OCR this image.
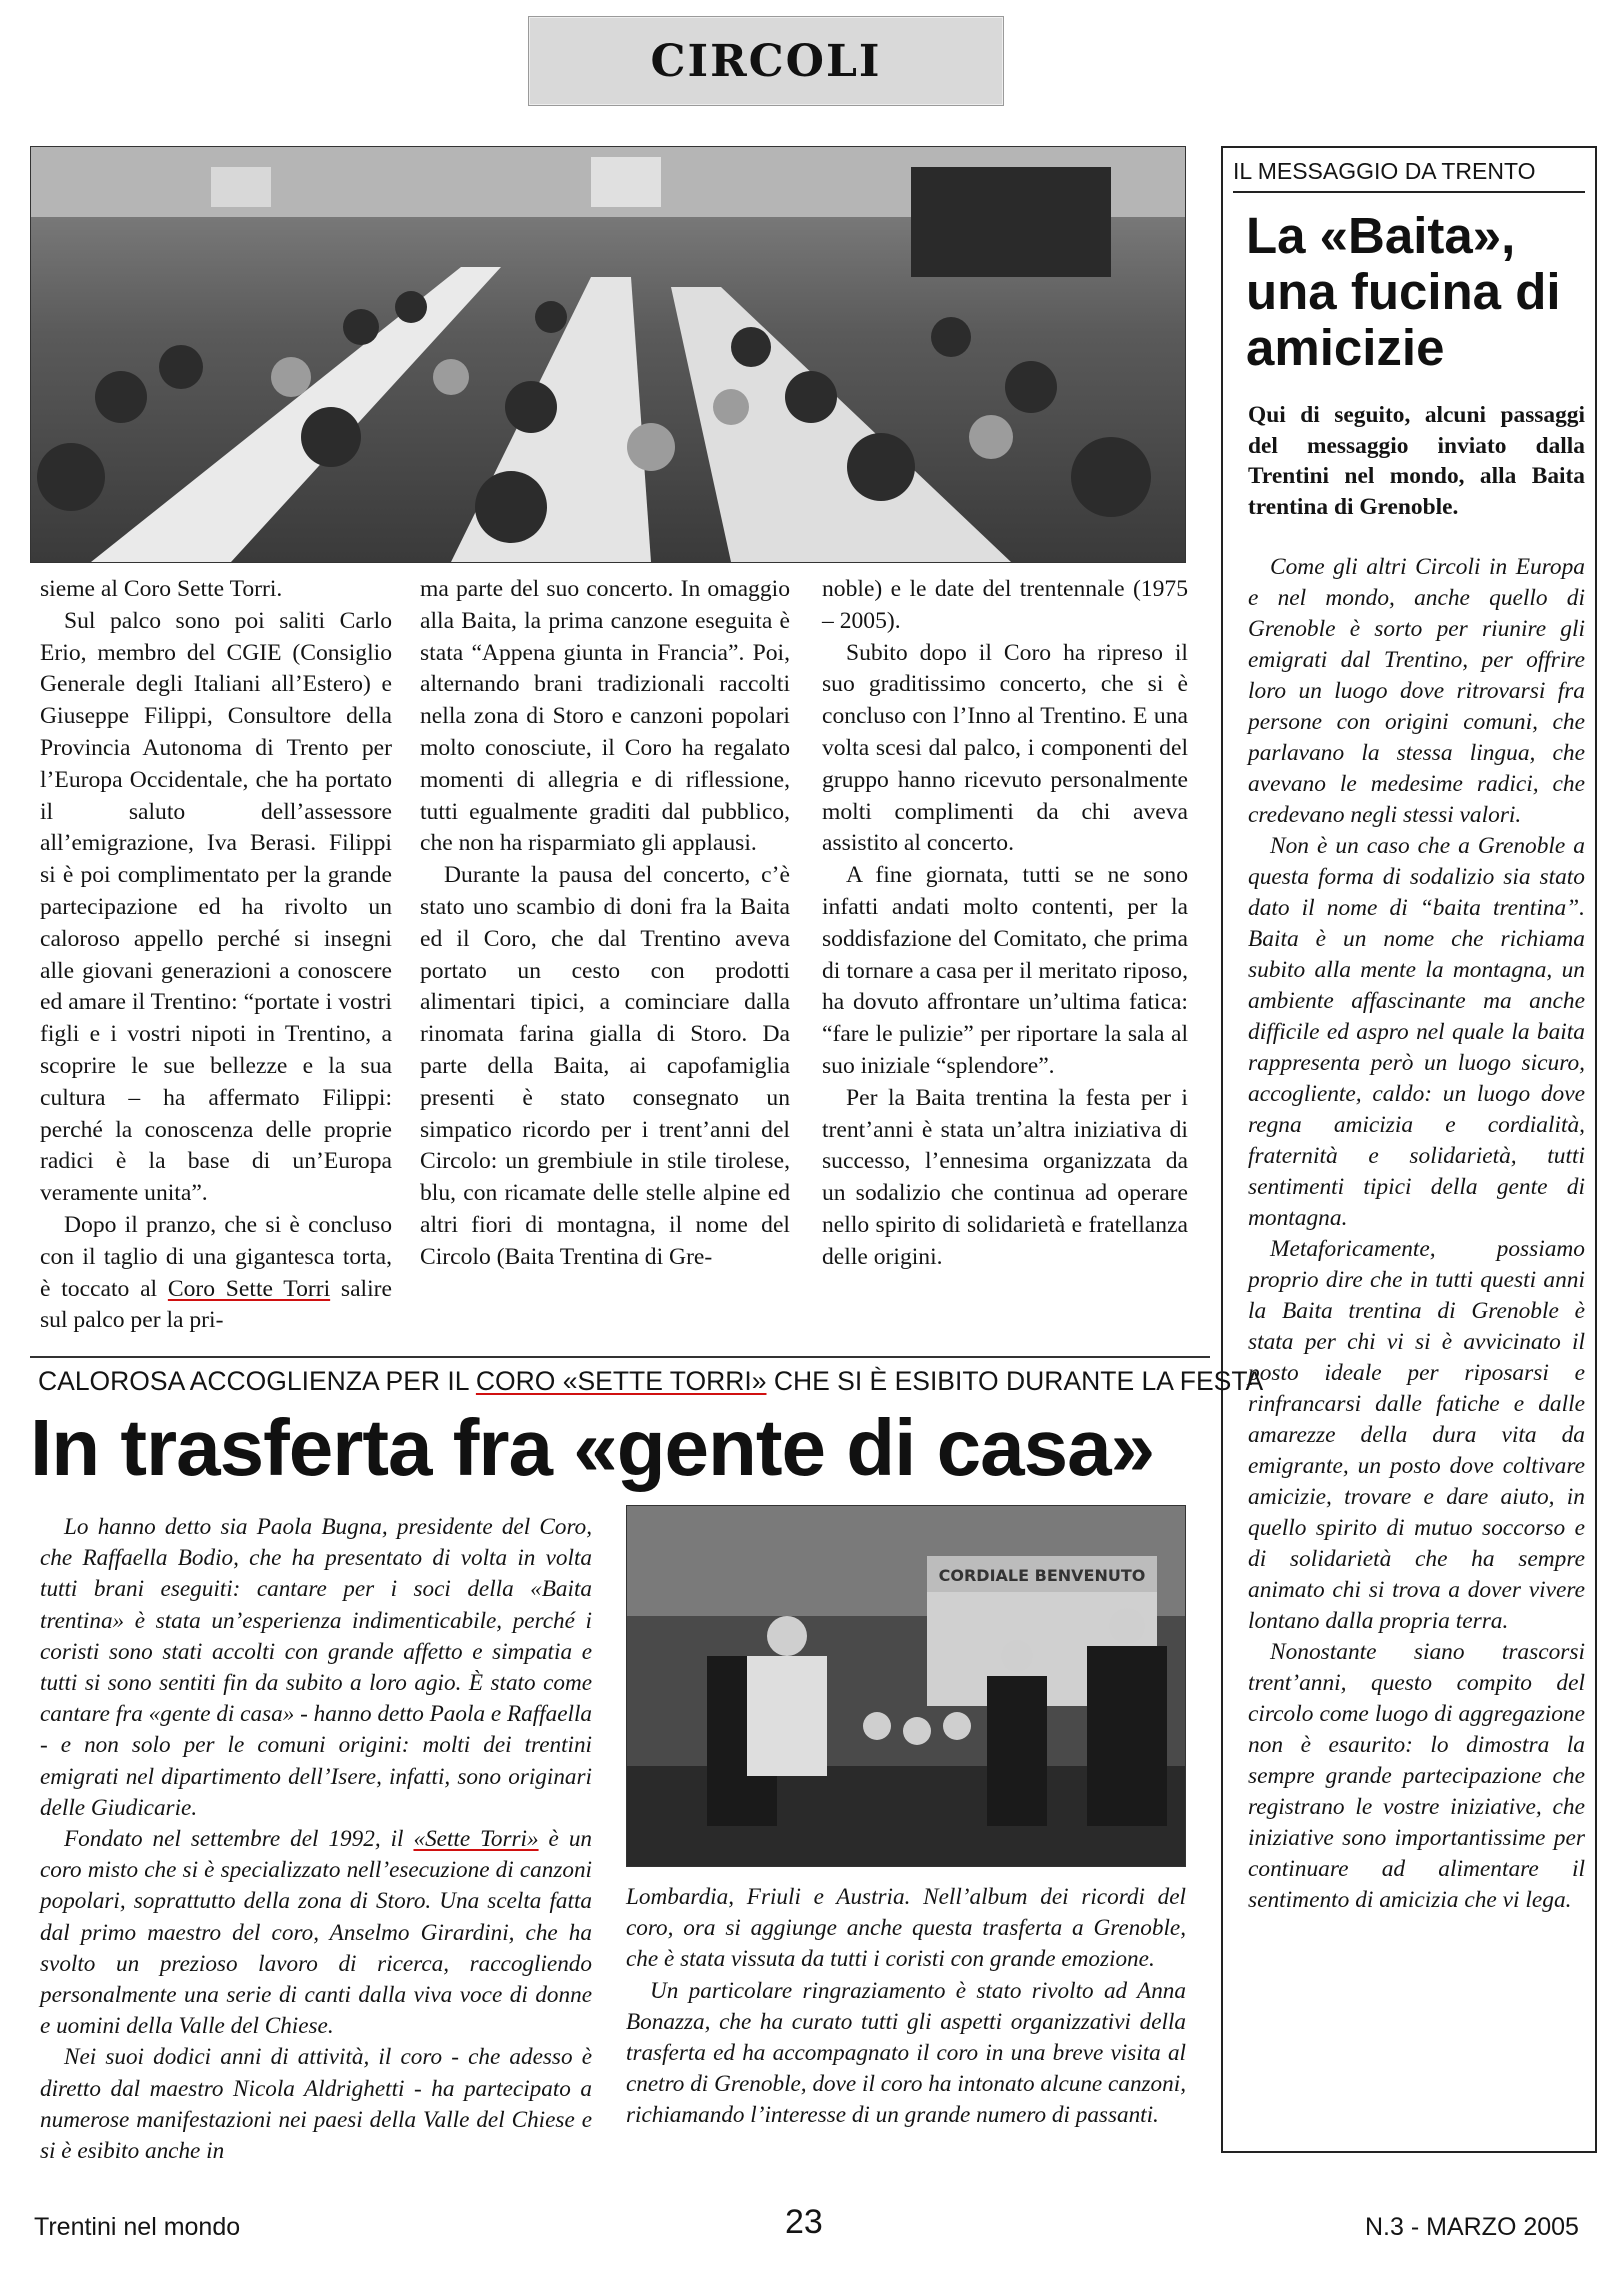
CIRCOLI

sieme al Coro Sette Torri.

Sul palco sono poi saliti Carlo Erio, membro del CGIE (Consiglio Generale degli Italiani all’Estero) e Giuseppe Filippi, Consultore della Provincia Autonoma di Trento per l’Europa Occidentale, che ha portato il saluto dell’assessore all’emigrazione, Iva Berasi. Filippi si è poi complimentato per la grande partecipazione ed ha rivolto un caloroso appello perché si insegni alle giovani generazioni a conoscere ed amare il Trentino: “portate i vostri figli e i vostri nipoti in Trentino, a scoprire le sue bellezze e la sua cultura – ha affermato Filippi: perché la conoscenza delle proprie radici è la base di un’Europa veramente unita”.

Dopo il pranzo, che si è concluso con il taglio di una gigantesca torta, è toccato al Coro Sette Torri salire sul palco per la pri-

ma parte del suo concerto. In omaggio alla Baita, la prima canzone eseguita è stata “Appena giunta in Francia”. Poi, alternando brani tradizionali raccolti nella zona di Storo e canzoni popolari molto conosciute, il Coro ha regalato momenti di allegria e di riflessione, tutti egualmente graditi dal pubblico, che non ha risparmiato gli applausi.

Durante la pausa del concerto, c’è stato uno scambio di doni fra la Baita ed il Coro, che dal Trentino aveva portato un cesto con prodotti alimentari tipici, a cominciare dalla rinomata farina gialla di Storo. Da parte della Baita, ai capofamiglia presenti è stato consegnato un simpatico ricordo per i trent’anni del Circolo: un grembiule in stile tirolese, blu, con ricamate delle stelle alpine ed altri fiori di montagna, il nome del Circolo (Baita Trentina di Gre-

noble) e le date del trentennale (1975 – 2005).

Subito dopo il Coro ha ripreso il suo graditissimo concerto, che si è concluso con l’Inno al Trentino. E una volta scesi dal palco, i componenti del gruppo hanno ricevuto personalmente molti complimenti da chi aveva assistito al concerto.

A fine giornata, tutti se ne sono infatti andati molto contenti, per la soddisfazione del Comitato, che prima di tornare a casa per il meritato riposo, ha dovuto affrontare un’ultima fatica: “fare le pulizie” per riportare la sala al suo iniziale “splendore”.

Per la Baita trentina la festa per i trent’anni è stata un’altra iniziativa di successo, l’ennesima organizzata da un sodalizio che continua ad operare nello spirito di solidarietà e fratellanza delle origini.

IL MESSAGGIO DA TRENTO
La «Baita», una fucina di amicizie
Qui di seguito, alcuni passaggi del messaggio inviato dalla Trentini nel mondo, alla Baita trentina di Grenoble.

Come gli altri Circoli in Europa e nel mondo, anche quello di Grenoble è sorto per riunire gli emigrati dal Trentino, per offrire loro un luogo dove ritrovarsi fra persone con origini comuni, che parlavano la stessa lingua, che avevano le medesime radici, che credevano negli stessi valori.

Non è un caso che a Grenoble a questa forma di sodalizio sia stato dato il nome di “baita trentina”. Baita è un nome che richiama subito alla mente la montagna, un ambiente affascinante ma anche difficile ed aspro nel quale la baita rappresenta però un luogo sicuro, accogliente, caldo: un luogo dove regna amicizia e cordialità, fraternità e solidarietà, tutti sentimenti tipici della gente di montagna.

Metaforicamente, possiamo proprio dire che in tutti questi anni la Baita trentina di Grenoble è stata per chi vi si è avvicinato il posto ideale per riposarsi e rinfrancarsi dalle fatiche e dalle amarezze della dura vita da emigrante, un posto dove coltivare amicizie, trovare e dare aiuto, in quello spirito di mutuo soccorso e di solidarietà che ha sempre animato chi si trova a dover vivere lontano dalla propria terra.

Nonostante siano trascorsi trent’anni, questo compito del circolo come luogo di aggregazione non è esaurito: lo dimostra la sempre grande partecipazione che registrano le vostre iniziative, che iniziative sono importantissime per continuare ad alimentare il sentimento di amicizia che vi lega.

CALOROSA ACCOGLIENZA PER IL CORO «SETTE TORRI» CHE SI È ESIBITO DURANTE LA FESTA
In trasferta fra «gente di casa»

Lo hanno detto sia Paola Bugna, presidente del Coro, che Raffaella Bodio, che ha presentato di volta in volta tutti brani eseguiti: cantare per i soci della «Baita trentina» è stata un’esperienza indimenticabile, perché i coristi sono stati accolti con grande affetto e simpatia e tutti si sono sentiti fin da subito a loro agio. È stato come cantare fra «gente di casa» - hanno detto Paola e Raffaella - e non solo per le comuni origini: molti dei trentini emigrati nel dipartimento dell’Isere, infatti, sono originari delle Giudicarie.

Fondato nel settembre del 1992, il «Sette Torri» è un coro misto che si è specializzato nell’esecuzione di canzoni popolari, soprattutto della zona di Storo. Una scelta fatta dal primo maestro del coro, Anselmo Girardini, che ha svolto un prezioso lavoro di ricerca, raccogliendo personalmente una serie di canti dalla viva voce di donne e uomini della Valle del Chiese.

Nei suoi dodici anni di attività, il coro - che adesso è diretto dal maestro Nicola Aldrighetti - ha partecipato a numerose manifestazioni nei paesi della Valle del Chiese e si è esibito anche in

CORDIALE BENVENUTO

Lombardia, Friuli e Austria. Nell’album dei ricordi del coro, ora si aggiunge anche questa trasferta a Grenoble, che è stata vissuta da tutti i coristi con grande emozione.

Un particolare ringraziamento è stato rivolto ad Anna Bonazza, che ha curato tutti gli aspetti organizzativi della trasferta ed ha accompagnato il coro in una breve visita al cnetro di Grenoble, dove il coro ha intonato alcune canzoni, richiamando l’interesse di un grande numero di passanti.

Trentini nel mondo	23	N.3 - MARZO 2005
